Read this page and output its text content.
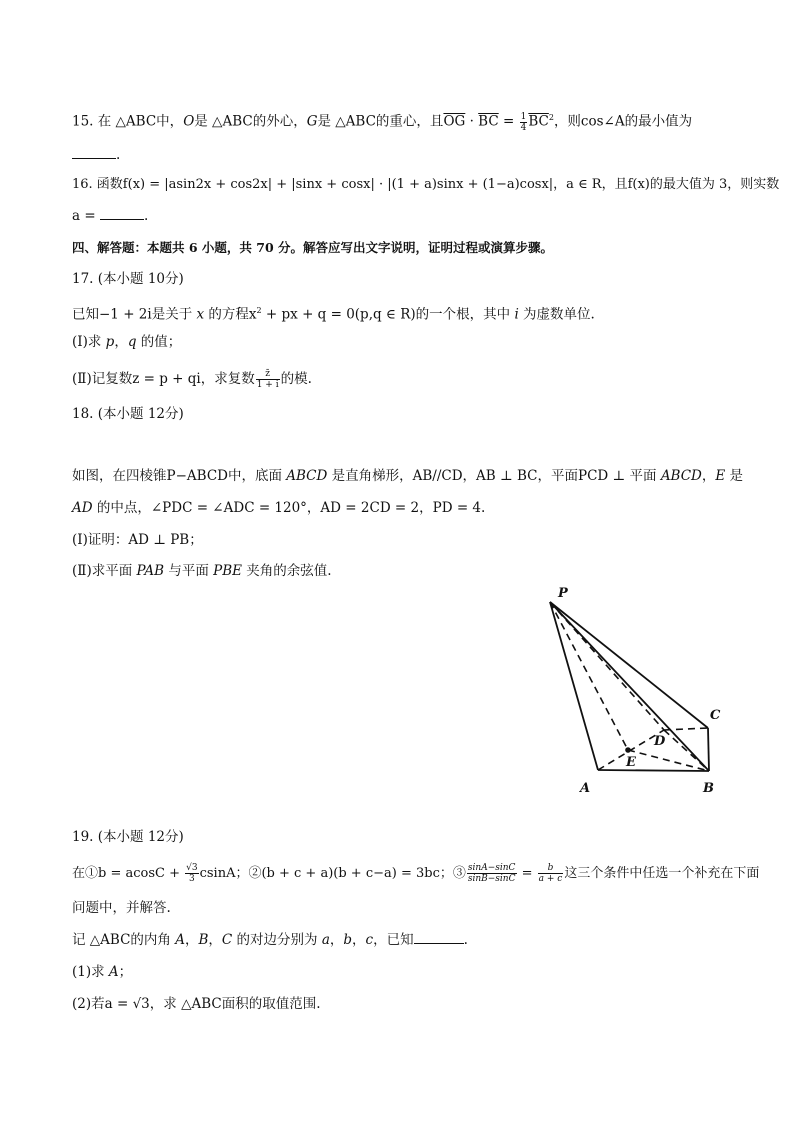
15. 在 △ABC中，O是 △ABC的外心，G是 △ABC的重心，且$\overline{OG} \cdot \overline{BC} = \frac{1}{4} \overline{BC}^2$，则cos∠A的最小值为
.
16. 函数f(x) = |asin2x + cos2x| + |sinx + cosx| · |(1 + a)sinx + (1−a)cosx|，a ∈ R，且f(x)的最大值为 3，则实数
a =	.
四、解答题：本题共 6 小题，共 70 分。解答应写出文字说明，证明过程或演算步骤。
17. (本小题 10分)
已知−1 + 2i是关于 x 的方程$x^2$ + px + q = 0(p,q ∈ R)的一个根，其中 i 为虚数单位.
(Ⅰ)求 p，q 的值；
(Ⅱ)记复数z = p + qi，求复数 $\frac{z̄}{1 + i}$ 的模.
18. (本小题 12分)
如图，在四棱锥P−ABCD中，底面 ABCD 是直角梯形，AB//CD，AB ⊥ BC，平面PCD ⊥ 平面 ABCD，E 是
AD 的中点，∠PDC = ∠ADC = 120°，AD = 2CD = 2，PD = 4.
(Ⅰ)证明：AD ⊥ PB；
(Ⅱ)求平面 PAB 与平面 PBE 夹角的余弦值.
P
C
D
E
A	B
19. (本小题 12分)
在①b = $acosC + \frac{√3}{3}$ csinA；②(b + c + a)(b + c−a) = 3bc；③ $\frac{\sin A-\sin C}{\sin B-\sin C} = \frac{b}{a + c}$ 这三个条件中任选一个补充在下面
问题中，并解答.
记 △ABC的内角 A，B，C 的对边分别为 a，b，c，已知	.
(1)求 A；
(2)若a = √3，求 △ABC面积的取值范围.
